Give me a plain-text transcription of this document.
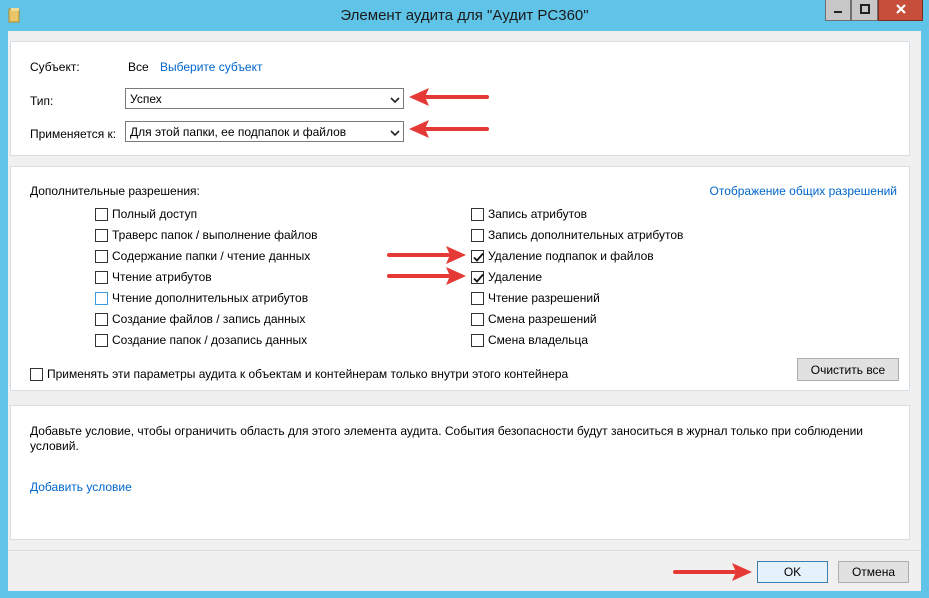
Элемент аудита для "Аудит PC360"
Субъект:	Все Выберите субъект
Тип:	Успех
Применяется к: Для этой папки, ее подпапок и файлов
Дополнительные разрешения:	Отображение общих разрешений
Полный доступ
Траверс папок / выполнение файлов
Содержание папки / чтение данных
Чтение атрибутов
Чтение дополнительных атрибутов
Создание файлов / запись данных
Создание папок / дозапись данных
Запись атрибутов
Запись дополнительных атрибутов
Удаление подпапок и файлов
Удаление
Чтение разрешений
Смена разрешений
Смена владельца
Применять эти параметры аудита к объектам и контейнерам только внутри этого контейнера	Очистить все
Добавьте условие, чтобы ограничить область для этого элемента аудита. События безопасности будут заноситься в журнал только при соблюдении условий.
Добавить условие
OK	Отмена
